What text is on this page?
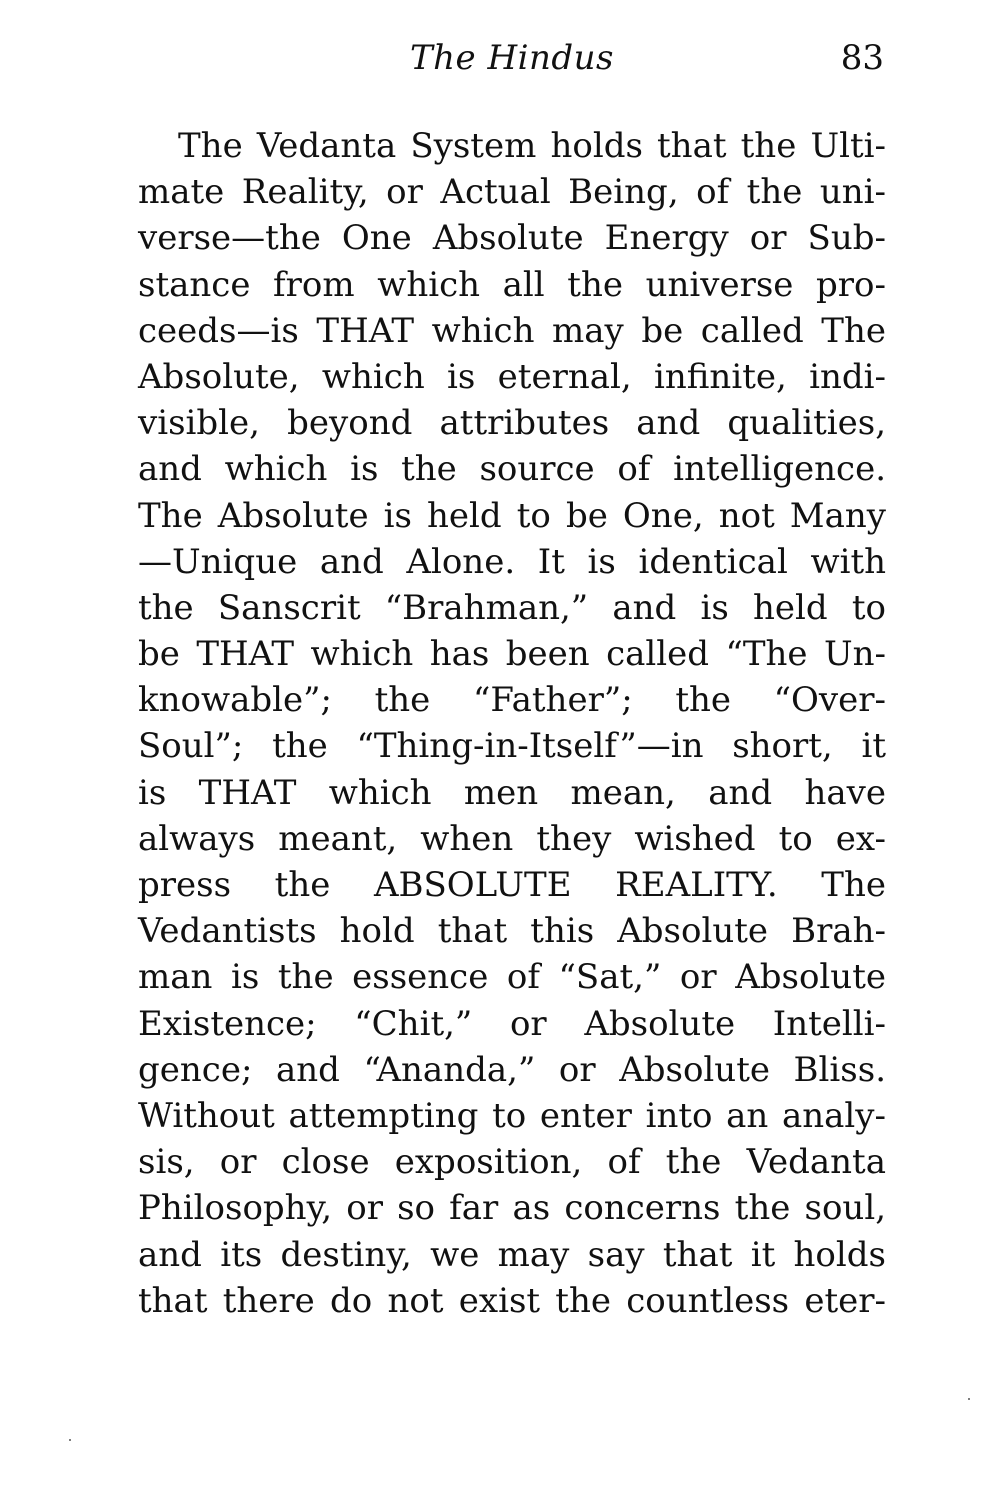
The Hindus	83
The Vedanta System holds that the Ulti-
mate Reality, or Actual Being, of the uni-
verse—the One Absolute Energy or Sub-
stance from which all the universe pro-
ceeds—is THAT which may be called The
Absolute, which is eternal, infinite, indi-
visible, beyond attributes and qualities,
and which is the source of intelligence.
The Absolute is held to be One, not Many
—Unique and Alone. It is identical with
the Sanscrit “Brahman,” and is held to
be THAT which has been called “The Un-
knowable”; the “Father”; the “Over-
Soul”; the “Thing-in-Itself”—in short, it
is THAT which men mean, and have
always meant, when they wished to ex-
press the ABSOLUTE REALITY. The
Vedantists hold that this Absolute Brah-
man is the essence of “Sat,” or Absolute
Existence; “Chit,” or Absolute Intelli-
gence; and “Ananda,” or Absolute Bliss.
Without attempting to enter into an analy-
sis, or close exposition, of the Vedanta
Philosophy, or so far as concerns the soul,
and its destiny, we may say that it holds
that there do not exist the countless eter-
